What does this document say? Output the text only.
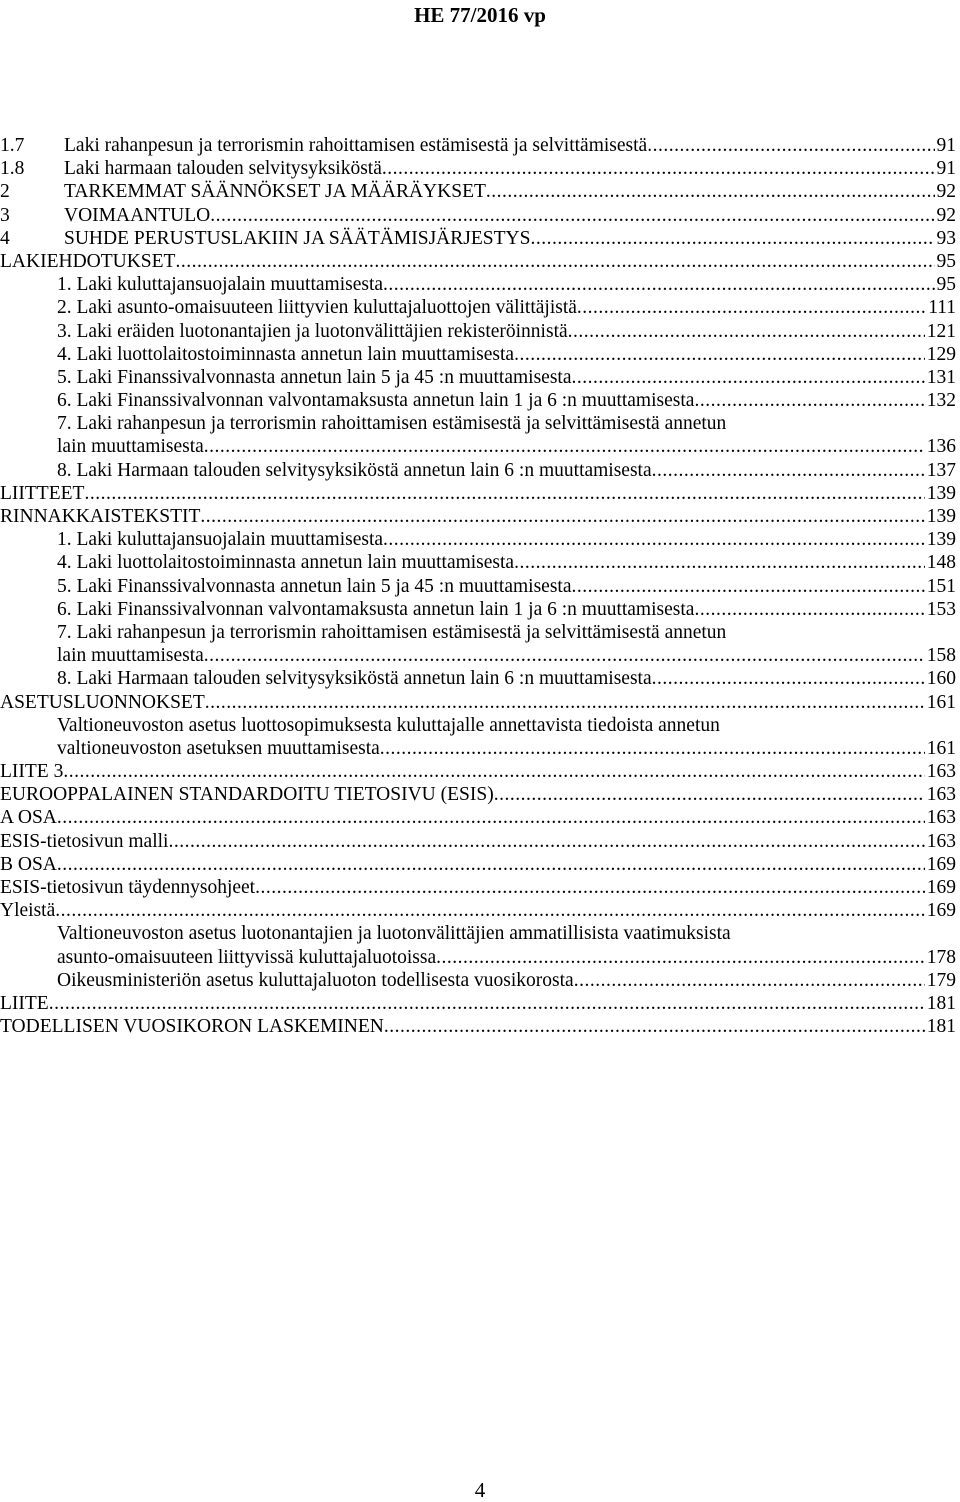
HE 77/2016 vp
1.7	Laki rahanpesun ja terrorismin rahoittamisen estämisestä ja selvittämisestä .....	91
1.8	Laki harmaan talouden selvitysyksiköstä .....	91
2	TARKEMMAT SÄÄNNÖKSET JA MÄÄRÄYKSET .....	92
3	VOIMAANTULO .....	92
4	SUHDE PERUSTUSLAKIIN JA SÄÄTÄMISJÄRJESTYS .....	93
LAKIEHDOTUKSET .....	95
1. Laki kuluttajansuojalain muuttamisesta .....	95
2. Laki asunto-omaisuuteen liittyvien kuluttajaluottojen välittäjistä .....	111
3. Laki eräiden luotonantajien ja luotonvälittäjien rekisteröinnistä .....	121
4. Laki luottolaitostoiminnasta annetun lain muuttamisesta .....	129
5. Laki Finanssivalvonnasta annetun lain 5 ja 45 :n muuttamisesta .....	131
6. Laki Finanssivalvonnan valvontamaksusta annetun lain 1 ja 6 :n muuttamisesta .....	132
7. Laki rahanpesun ja terrorismin rahoittamisen estämisestä ja selvittämisestä annetun
lain muuttamisesta .....	136
8. Laki Harmaan talouden selvitysyksiköstä annetun lain 6 :n muuttamisesta .....	137
LIITTEET .....	139
RINNAKKAISTEKSTIT .....	139
1. Laki kuluttajansuojalain muuttamisesta .....	139
4. Laki luottolaitostoiminnasta annetun lain muuttamisesta .....	148
5. Laki Finanssivalvonnasta annetun lain 5 ja 45 :n muuttamisesta .....	151
6. Laki Finanssivalvonnan valvontamaksusta annetun lain 1 ja 6 :n muuttamisesta .....	153
7. Laki rahanpesun ja terrorismin rahoittamisen estämisestä ja selvittämisestä annetun
lain muuttamisesta .....	158
8. Laki Harmaan talouden selvitysyksiköstä annetun lain 6 :n muuttamisesta .....	160
ASETUSLUONNOKSET .....	161
Valtioneuvoston asetus luottosopimuksesta kuluttajalle annettavista tiedoista annetun
valtioneuvoston asetuksen muuttamisesta .....	161
LIITE 3 .....	163
EUROOPPALAINEN STANDARDOITU TIETOSIVU (ESIS) .....	163
A OSA .....	163
ESIS-tietosivun malli .....	163
B OSA .....	169
ESIS-tietosivun täydennysohjeet .....	169
Yleistä .....	169
Valtioneuvoston asetus luotonantajien ja luotonvälittäjien ammatillisista vaatimuksista
asunto-omaisuuteen liittyvissä kuluttajaluotoissa .....	178
Oikeusministeriön asetus kuluttajaluoton todellisesta vuosikorosta .....	179
LIITE .....	181
TODELLISEN VUOSIKORON LASKEMINEN .....	181
4
